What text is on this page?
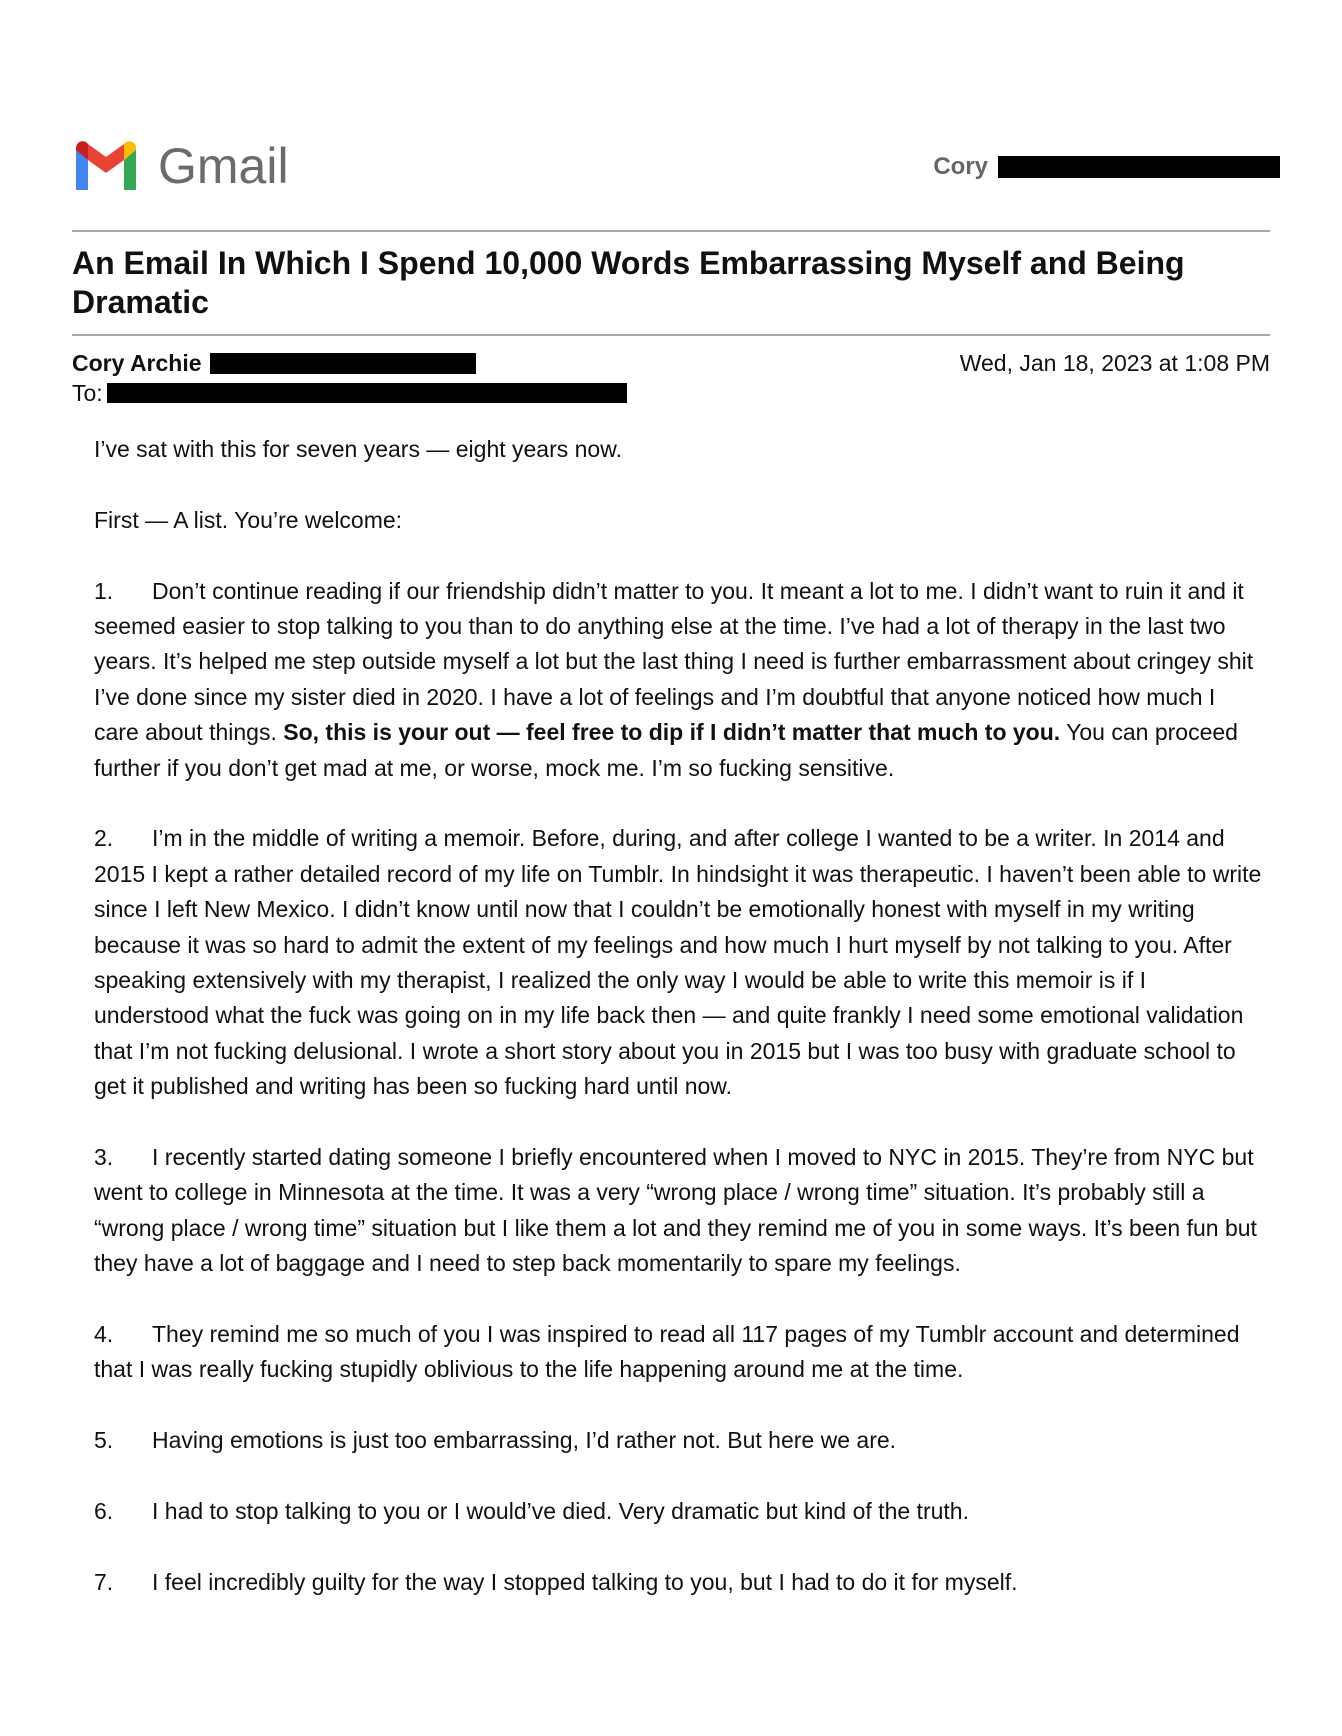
Gmail	Cory
An Email In Which I Spend 10,000 Words Embarrassing Myself and Being Dramatic
Cory Archie	Wed, Jan 18, 2023 at 1:08 PM
To:

I’ve sat with this for seven years — eight years now.

First — A list. You’re welcome:

1. Don’t continue reading if our friendship didn’t matter to you. It meant a lot to me. I didn’t want to ruin it and it seemed easier to stop talking to you than to do anything else at the time. I’ve had a lot of therapy in the last two years. It’s helped me step outside myself a lot but the last thing I need is further embarrassment about cringey shit I’ve done since my sister died in 2020. I have a lot of feelings and I’m doubtful that anyone noticed how much I care about things. So, this is your out — feel free to dip if I didn’t matter that much to you. You can proceed further if you don’t get mad at me, or worse, mock me. I’m so fucking sensitive.

2. I’m in the middle of writing a memoir. Before, during, and after college I wanted to be a writer. In 2014 and 2015 I kept a rather detailed record of my life on Tumblr. In hindsight it was therapeutic. I haven’t been able to write since I left New Mexico. I didn’t know until now that I couldn’t be emotionally honest with myself in my writing because it was so hard to admit the extent of my feelings and how much I hurt myself by not talking to you. After speaking extensively with my therapist, I realized the only way I would be able to write this memoir is if I understood what the fuck was going on in my life back then — and quite frankly I need some emotional validation that I’m not fucking delusional. I wrote a short story about you in 2015 but I was too busy with graduate school to get it published and writing has been so fucking hard until now.

3. I recently started dating someone I briefly encountered when I moved to NYC in 2015. They’re from NYC but went to college in Minnesota at the time. It was a very “wrong place / wrong time” situation. It’s probably still a “wrong place / wrong time” situation but I like them a lot and they remind me of you in some ways. It’s been fun but they have a lot of baggage and I need to step back momentarily to spare my feelings.

4. They remind me so much of you I was inspired to read all 117 pages of my Tumblr account and determined that I was really fucking stupidly oblivious to the life happening around me at the time.

5. Having emotions is just too embarrassing, I’d rather not. But here we are.

6. I had to stop talking to you or I would’ve died. Very dramatic but kind of the truth.

7. I feel incredibly guilty for the way I stopped talking to you, but I had to do it for myself.
